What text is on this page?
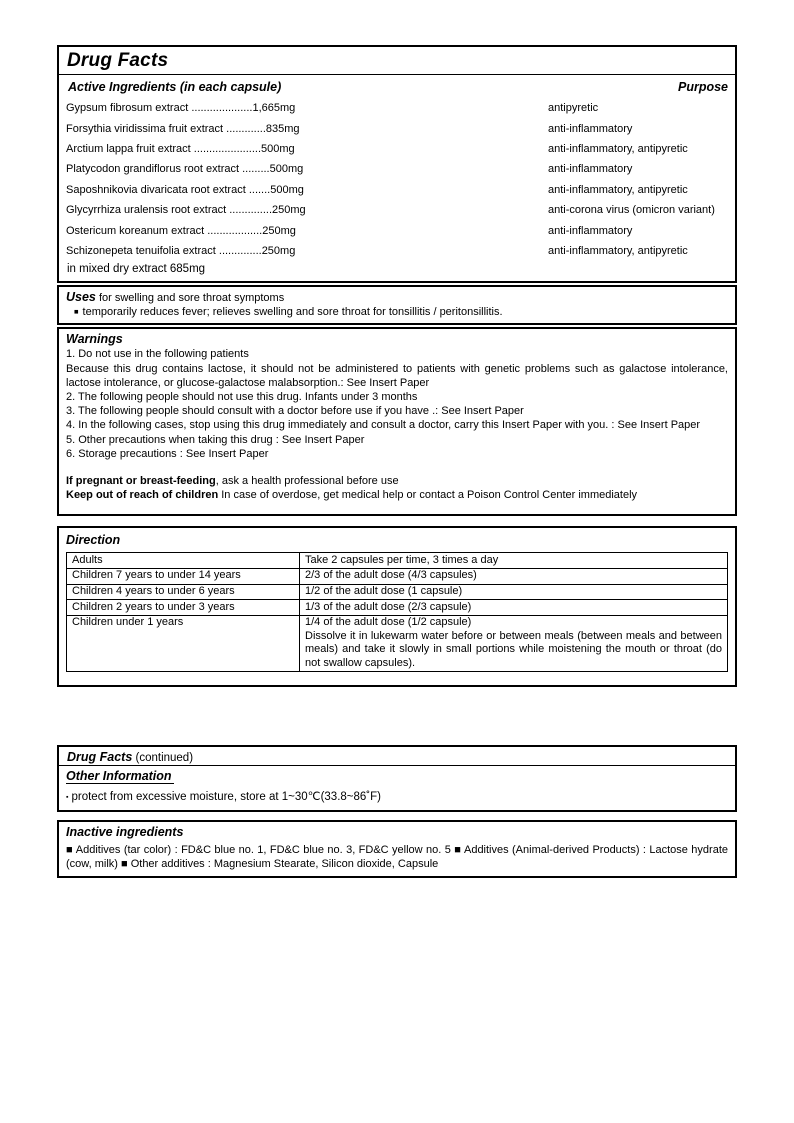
Drug Facts
Active Ingredients (in each capsule)	Purpose
Gypsum fibrosum extract ....................1,665mg	antipyretic
Forsythia viridissima fruit extract .............835mg	anti-inflammatory
Arctium lappa fruit extract ......................500mg	anti-inflammatory, antipyretic
Platycodon grandiflorus root extract .........500mg	anti-inflammatory
Saposhnikovia divaricata root extract .......500mg	anti-inflammatory, antipyretic
Glycyrrhiza uralensis root extract ..............250mg	anti-corona virus (omicron variant)
Ostericum koreanum extract ..................250mg	anti-inflammatory
Schizonepeta tenuifolia extract ..............250mg	anti-inflammatory, antipyretic
in mixed dry extract 685mg
Uses for swelling and sore throat symptoms
■ temporarily reduces fever; relieves swelling and sore throat for tonsillitis / peritonsillitis.
Warnings
1. Do not use in the following patients
Because this drug contains lactose, it should not be administered to patients with genetic problems such as galactose intolerance, lactose intolerance, or glucose-galactose malabsorption.: See Insert Paper
2. The following people should not use this drug. Infants under 3 months
3. The following people should consult with a doctor before use if you have .: See Insert Paper
4. In the following cases, stop using this drug immediately and consult a doctor, carry this Insert Paper with you. : See Insert Paper
5. Other precautions when taking this drug : See Insert Paper
6. Storage precautions : See Insert Paper
If pregnant or breast-feeding, ask a health professional before use
Keep out of reach of children In case of overdose, get medical help or contact a Poison Control Center immediately
Direction
Adults	Take 2 capsules per time, 3 times a day
Children 7 years to under 14 years	2/3 of the adult dose (4/3 capsules)
Children 4 years to under 6 years	1/2 of the adult dose (1 capsule)
Children 2 years to under 3 years	1/3 of the adult dose (2/3 capsule)
Children under 1 years	1/4 of the adult dose (1/2 capsule)
Dissolve it in lukewarm water before or between meals (between meals and between meals) and take it slowly in small portions while moistening the mouth or throat (do not swallow capsules).
Drug Facts (continued)
Other Information
▪ protect from excessive moisture, store at 1~30℃(33.8~86˚F)
Inactive ingredients
■ Additives (tar color) : FD&C blue no. 1, FD&C blue no. 3, FD&C yellow no. 5 ■ Additives (Animal-derived Products) : Lactose hydrate (cow, milk) ■ Other additives : Magnesium Stearate, Silicon dioxide, Capsule
